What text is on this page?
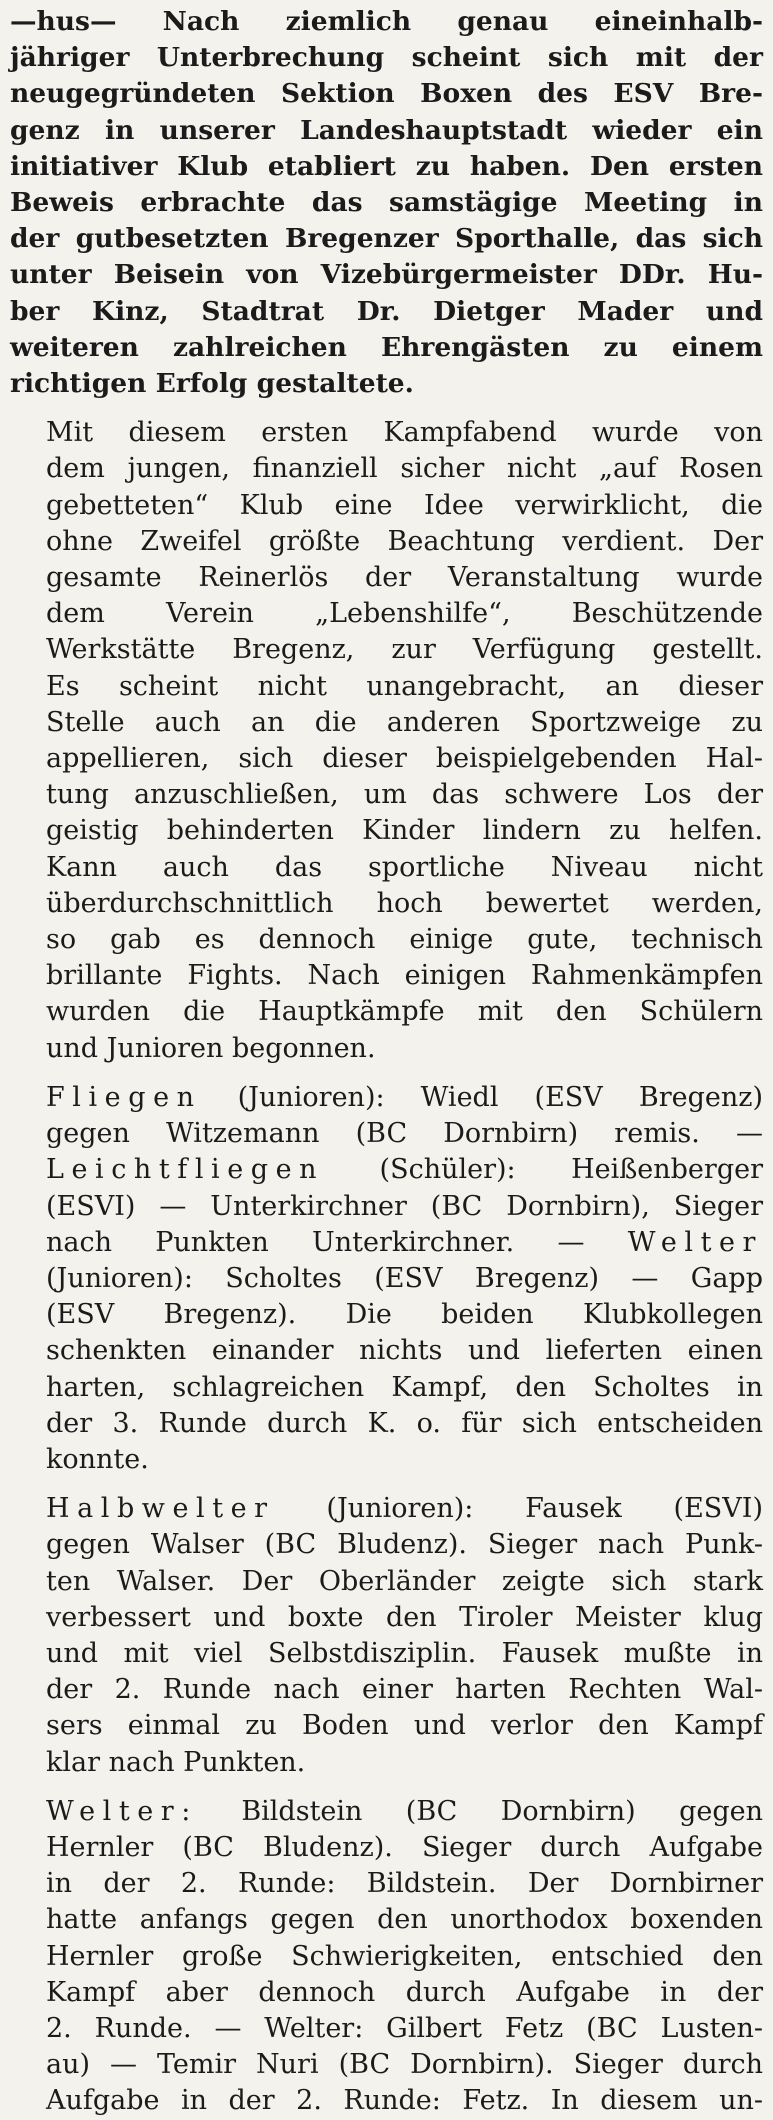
—hus— Nach ziemlich genau eineinhalb-
jähriger Unterbrechung scheint sich mit der
neugegründeten Sektion Boxen des ESV Bre-
genz in unserer Landeshauptstadt wieder ein
initiativer Klub etabliert zu haben. Den ersten
Beweis erbrachte das samstägige Meeting in
der gutbesetzten Bregenzer Sporthalle, das sich
unter Beisein von Vizebürgermeister DDr. Hu-
ber Kinz, Stadtrat Dr. Dietger Mader und
weiteren zahlreichen Ehrengästen zu einem
richtigen Erfolg gestaltete.

Mit diesem ersten Kampfabend wurde von
dem jungen, finanziell sicher nicht „auf Rosen
gebetteten“ Klub eine Idee verwirklicht, die
ohne Zweifel größte Beachtung verdient. Der
gesamte Reinerlös der Veranstaltung wurde
dem Verein „Lebenshilfe“, Beschützende
Werkstätte Bregenz, zur Verfügung gestellt.
Es scheint nicht unangebracht, an dieser
Stelle auch an die anderen Sportzweige zu
appellieren, sich dieser beispielgebenden Hal-
tung anzuschließen, um das schwere Los der
geistig behinderten Kinder lindern zu helfen.
Kann auch das sportliche Niveau nicht
überdurchschnittlich hoch bewertet werden,
so gab es dennoch einige gute, technisch
brillante Fights. Nach einigen Rahmenkämpfen
wurden die Hauptkämpfe mit den Schülern
und Junioren begonnen.

Fliegen (Junioren): Wiedl (ESV Bregenz)
gegen Witzemann (BC Dornbirn) remis. —
Leichtfliegen (Schüler): Heißenberger
(ESVI) — Unterkirchner (BC Dornbirn), Sieger
nach Punkten Unterkirchner. — Welter
(Junioren): Scholtes (ESV Bregenz) — Gapp
(ESV Bregenz). Die beiden Klubkollegen
schenkten einander nichts und lieferten einen
harten, schlagreichen Kampf, den Scholtes in
der 3. Runde durch K. o. für sich entscheiden
konnte.

Halbwelter (Junioren): Fausek (ESVI)
gegen Walser (BC Bludenz). Sieger nach Punk-
ten Walser. Der Oberländer zeigte sich stark
verbessert und boxte den Tiroler Meister klug
und mit viel Selbstdisziplin. Fausek mußte in
der 2. Runde nach einer harten Rechten Wal-
sers einmal zu Boden und verlor den Kampf
klar nach Punkten.

Welter: Bildstein (BC Dornbirn) gegen
Hernler (BC Bludenz). Sieger durch Aufgabe
in der 2. Runde: Bildstein. Der Dornbirner
hatte anfangs gegen den unorthodox boxenden
Hernler große Schwierigkeiten, entschied den
Kampf aber dennoch durch Aufgabe in der
2. Runde. — Welter: Gilbert Fetz (BC Lusten-
au) — Temir Nuri (BC Dornbirn). Sieger durch
Aufgabe in der 2. Runde: Fetz. In diesem un-
